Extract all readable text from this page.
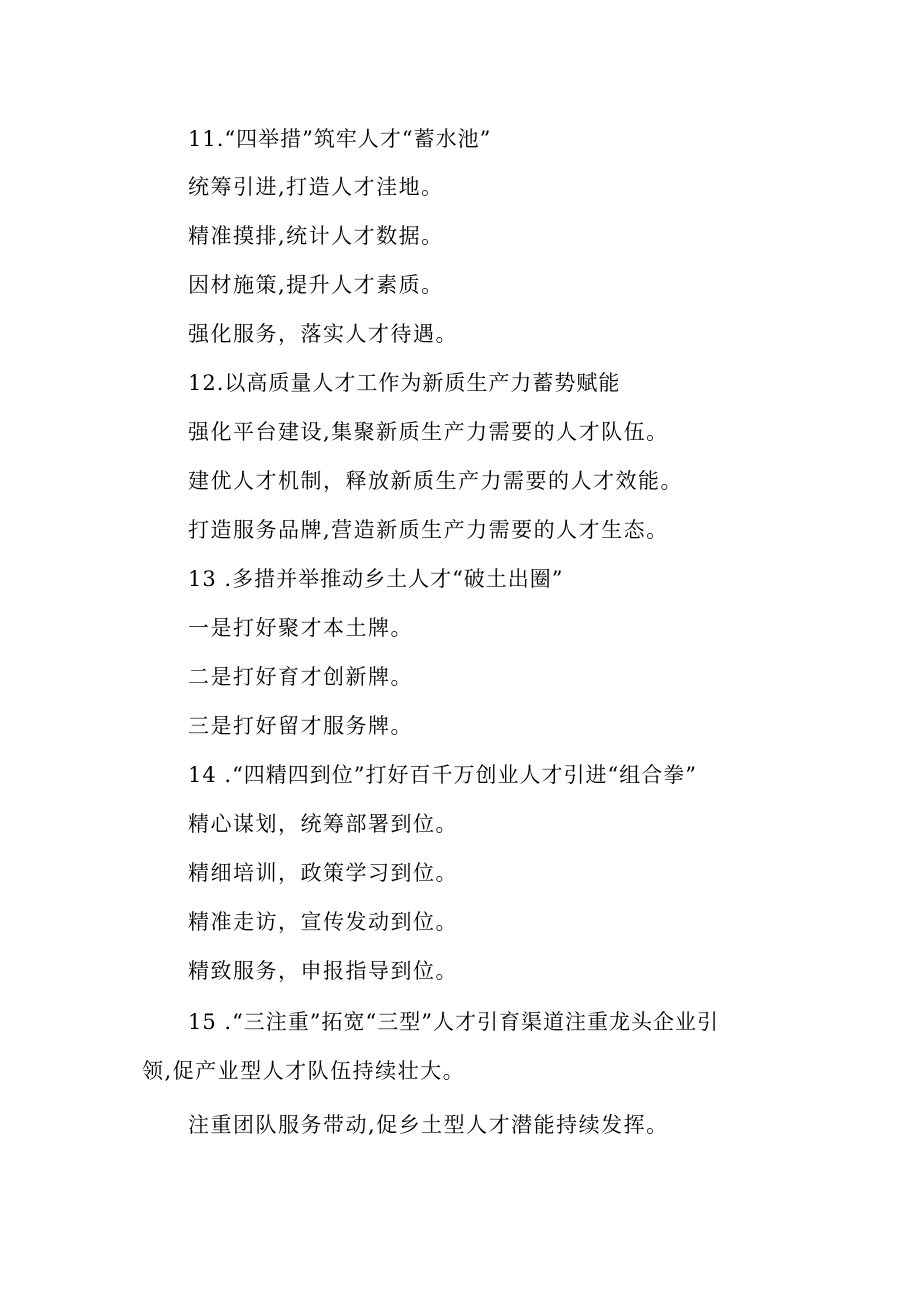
11.“四举措”筑牢人才“蓄水池”
统筹引进,打造人才洼地。
精准摸排,统计人才数据。
因材施策,提升人才素质。
强化服务，落实人才待遇。
12.以高质量人才工作为新质生产力蓄势赋能
强化平台建设,集聚新质生产力需要的人才队伍。
建优人才机制，释放新质生产力需要的人才效能。
打造服务品牌,营造新质生产力需要的人才生态。
13 .多措并举推动乡土人才“破土出圈”
一是打好聚才本土牌。
二是打好育才创新牌。
三是打好留才服务牌。
14 .“四精四到位”打好百千万创业人才引进“组合拳”
精心谋划，统筹部署到位。
精细培训，政策学习到位。
精准走访，宣传发动到位。
精致服务，申报指导到位。
15 .“三注重”拓宽“三型”人才引育渠道注重龙头企业引
领,促产业型人才队伍持续壮大。
注重团队服务带动,促乡土型人才潜能持续发挥。
